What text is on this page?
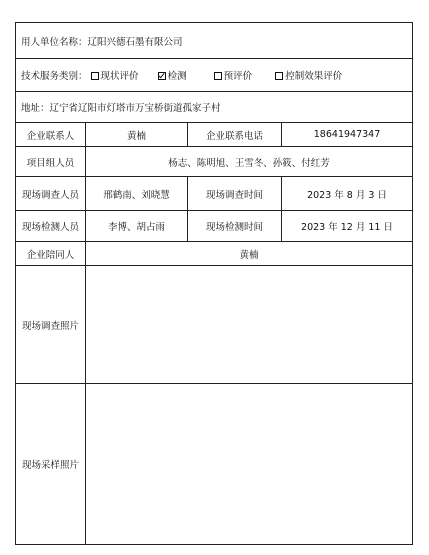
用人单位名称：辽阳兴德石墨有限公司			
技术服务类别： 现状评价 检测 预评价 控制效果评价			
地址：辽宁省辽阳市灯塔市万宝桥街道孤家子村			
企业联系人	黄楠	企业联系电话	18641947347
项目组人员	杨志、陈明旭、王雪冬、孙筱、付红芳		
现场调查人员	邢鹤南、刘晓慧	现场调查时间	2023 年 8 月 3 日
现场检测人员	李博、胡占雨	现场检测时间	2023 年 12 月 11 日
企业陪同人	黄楠		
现场调查照片			
现场采样照片			
